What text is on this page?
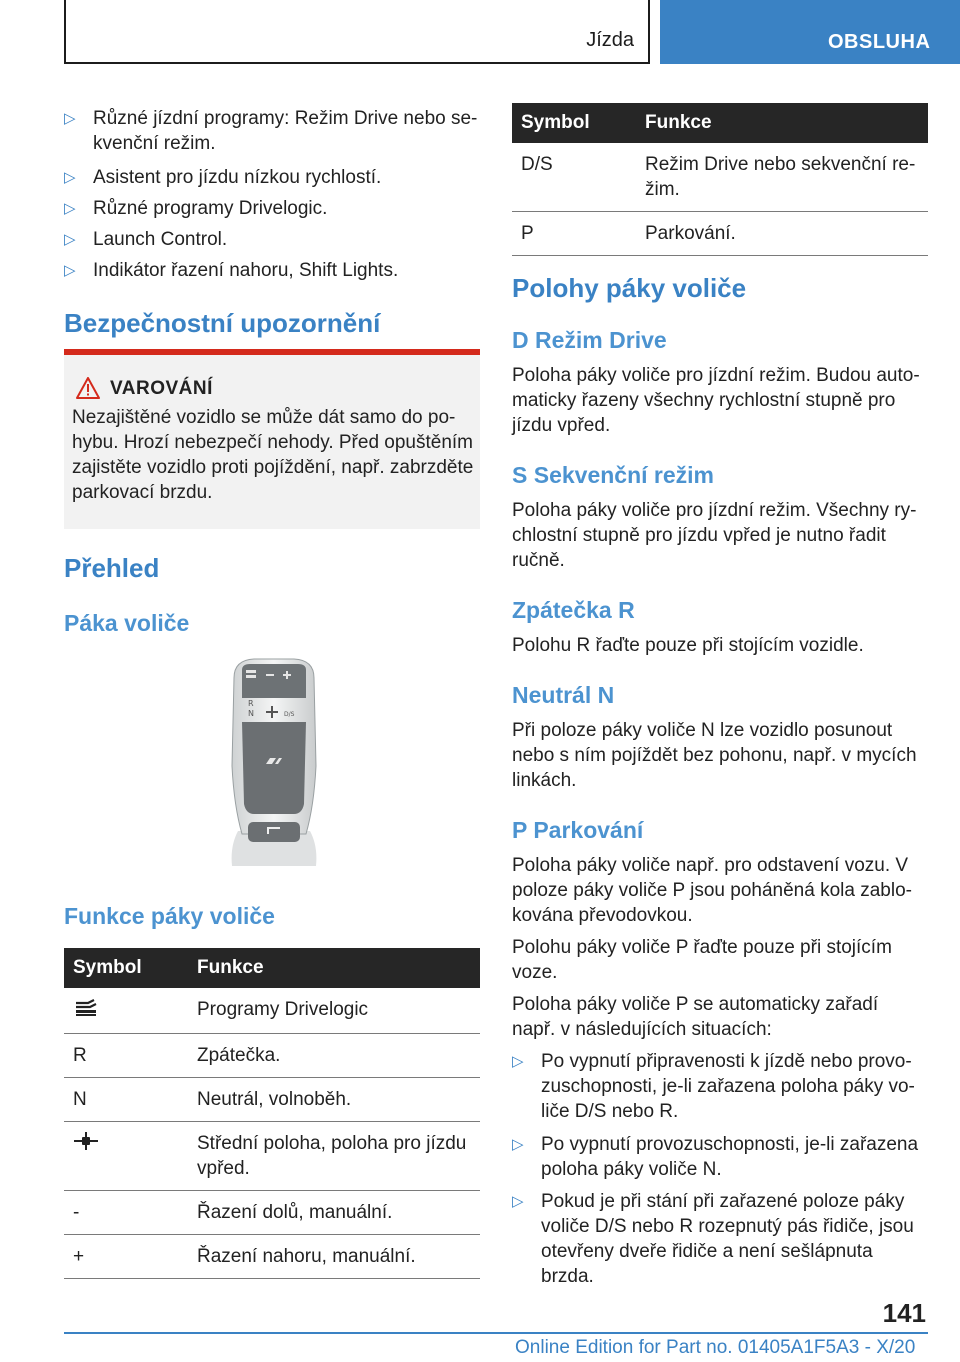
Jízda	OBSLUHA
▷ Různé jízdní programy: Režim Drive nebo se-
kvenční režim.
▷ Asistent pro jízdu nízkou rychlostí.
▷ Různé programy Drivelogic.
▷ Launch Control.
▷ Indikátor řazení nahoru, Shift Lights.
Bezpečnostní upozornění
VAROVÁNÍ
Nezajištěné vozidlo se může dát samo do po-
hybu. Hrozí nebezpečí nehody. Před opuštěním
zajistěte vozidlo proti pojíždění, např. zabrzděte
parkovací brzdu.
Přehled
Páka voliče
R
N	D/S
Funkce páky voliče
Symbol	Funkce

Programy Drivelogic

R	Zpátečka.

N	Neutrál, volnoběh.

Střední poloha, poloha pro jízdu
vpřed.

-	Řazení dolů, manuální.

+	Řazení nahoru, manuální.
Symbol	Funkce
D/S	Režim Drive nebo sekvenční re-
žim.

P	Parkování.
Polohy páky voliče
D Režim Drive
Poloha páky voliče pro jízdní režim. Budou auto-
maticky řazeny všechny rychlostní stupně pro
jízdu vpřed.
S Sekvenční režim
Poloha páky voliče pro jízdní režim. Všechny ry-
chlostní stupně pro jízdu vpřed je nutno řadit
ručně.
Zpátečka R
Polohu R řaďte pouze při stojícím vozidle.
Neutrál N
Při poloze páky voliče N lze vozidlo posunout
nebo s ním pojíždět bez pohonu, např. v mycích
linkách.
P Parkování
Poloha páky voliče např. pro odstavení vozu. V
poloze páky voliče P jsou poháněná kola zablo-
kována převodovkou.
Polohu páky voliče P řaďte pouze při stojícím
voze.
Poloha páky voliče P se automaticky zařadí
např. v následujících situacích:
▷ Po vypnutí připravenosti k jízdě nebo provo-
zuschopnosti, je-li zařazena poloha páky vo-
liče D/S nebo R.
▷ Po vypnutí provozuschopnosti, je-li zařazena
poloha páky voliče N.
▷ Pokud je při stání při zařazené poloze páky
voliče D/S nebo R rozepnutý pás řidiče, jsou
otevřeny dveře řidiče a není sešlápnuta brzda.
141
Online Edition for Part no. 01405A1F5A3 - X/20
